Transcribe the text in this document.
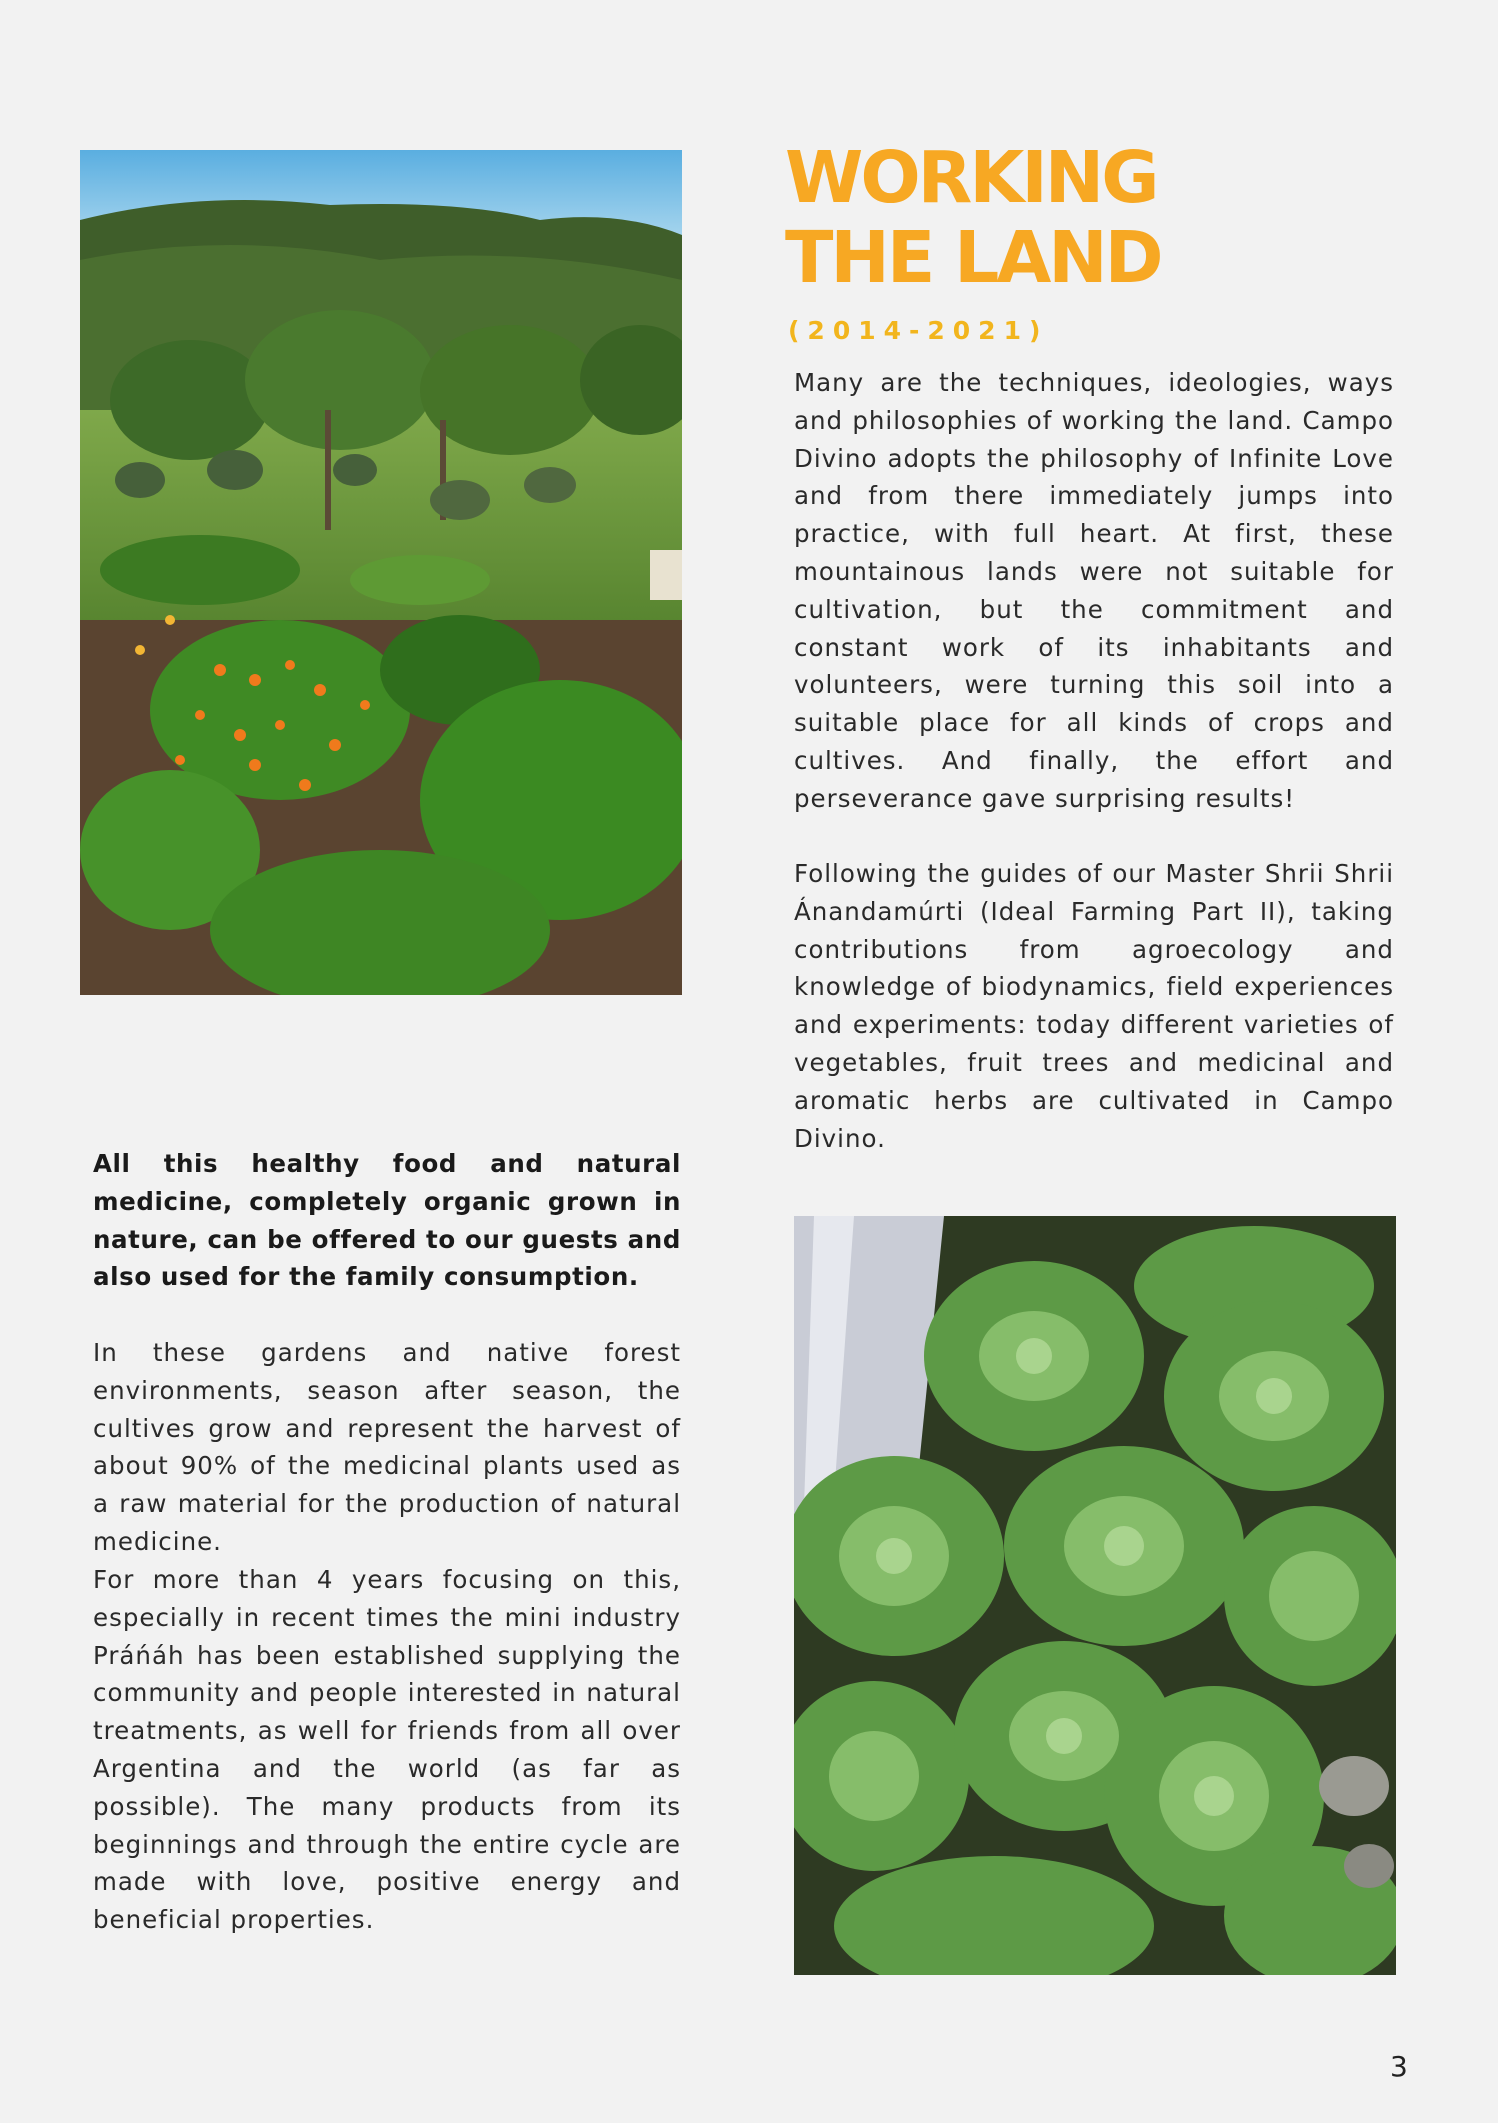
WORKING
THE LAND
(2014-2021)

Many are the techniques, ideologies, ways and philosophies of working the land. Campo Divino adopts the philosophy of Infinite Love and from there immediately jumps into practice, with full heart. At first, these mountainous lands were not suitable for cultivation, but the commitment and constant work of its inhabitants and volunteers, were turning this soil into a suitable place for all kinds of crops and cultives. And finally, the effort and perseverance gave surprising results!

Following the guides of our Master Shrii Shrii Ánandamúrti (Ideal Farming Part II), taking contributions from agroecology and knowledge of biodynamics, field experiences and experiments: today different varieties of vegetables, fruit trees and medicinal and aromatic herbs are cultivated in Campo Divino.

All this healthy food and natural medicine, completely organic grown in nature, can be offered to our guests and also used for the family consumption.

In these gardens and native forest environments, season after season, the cultives grow and represent the harvest of about 90% of the medicinal plants used as a raw material for the production of natural medicine.

For more than 4 years focusing on this, especially in recent times the mini industry Práńáh has been established supplying the community and people interested in natural treatments, as well for friends from all over Argentina and the world (as far as possible). The many products from its beginnings and through the entire cycle are made with love, positive energy and beneficial properties.

3
